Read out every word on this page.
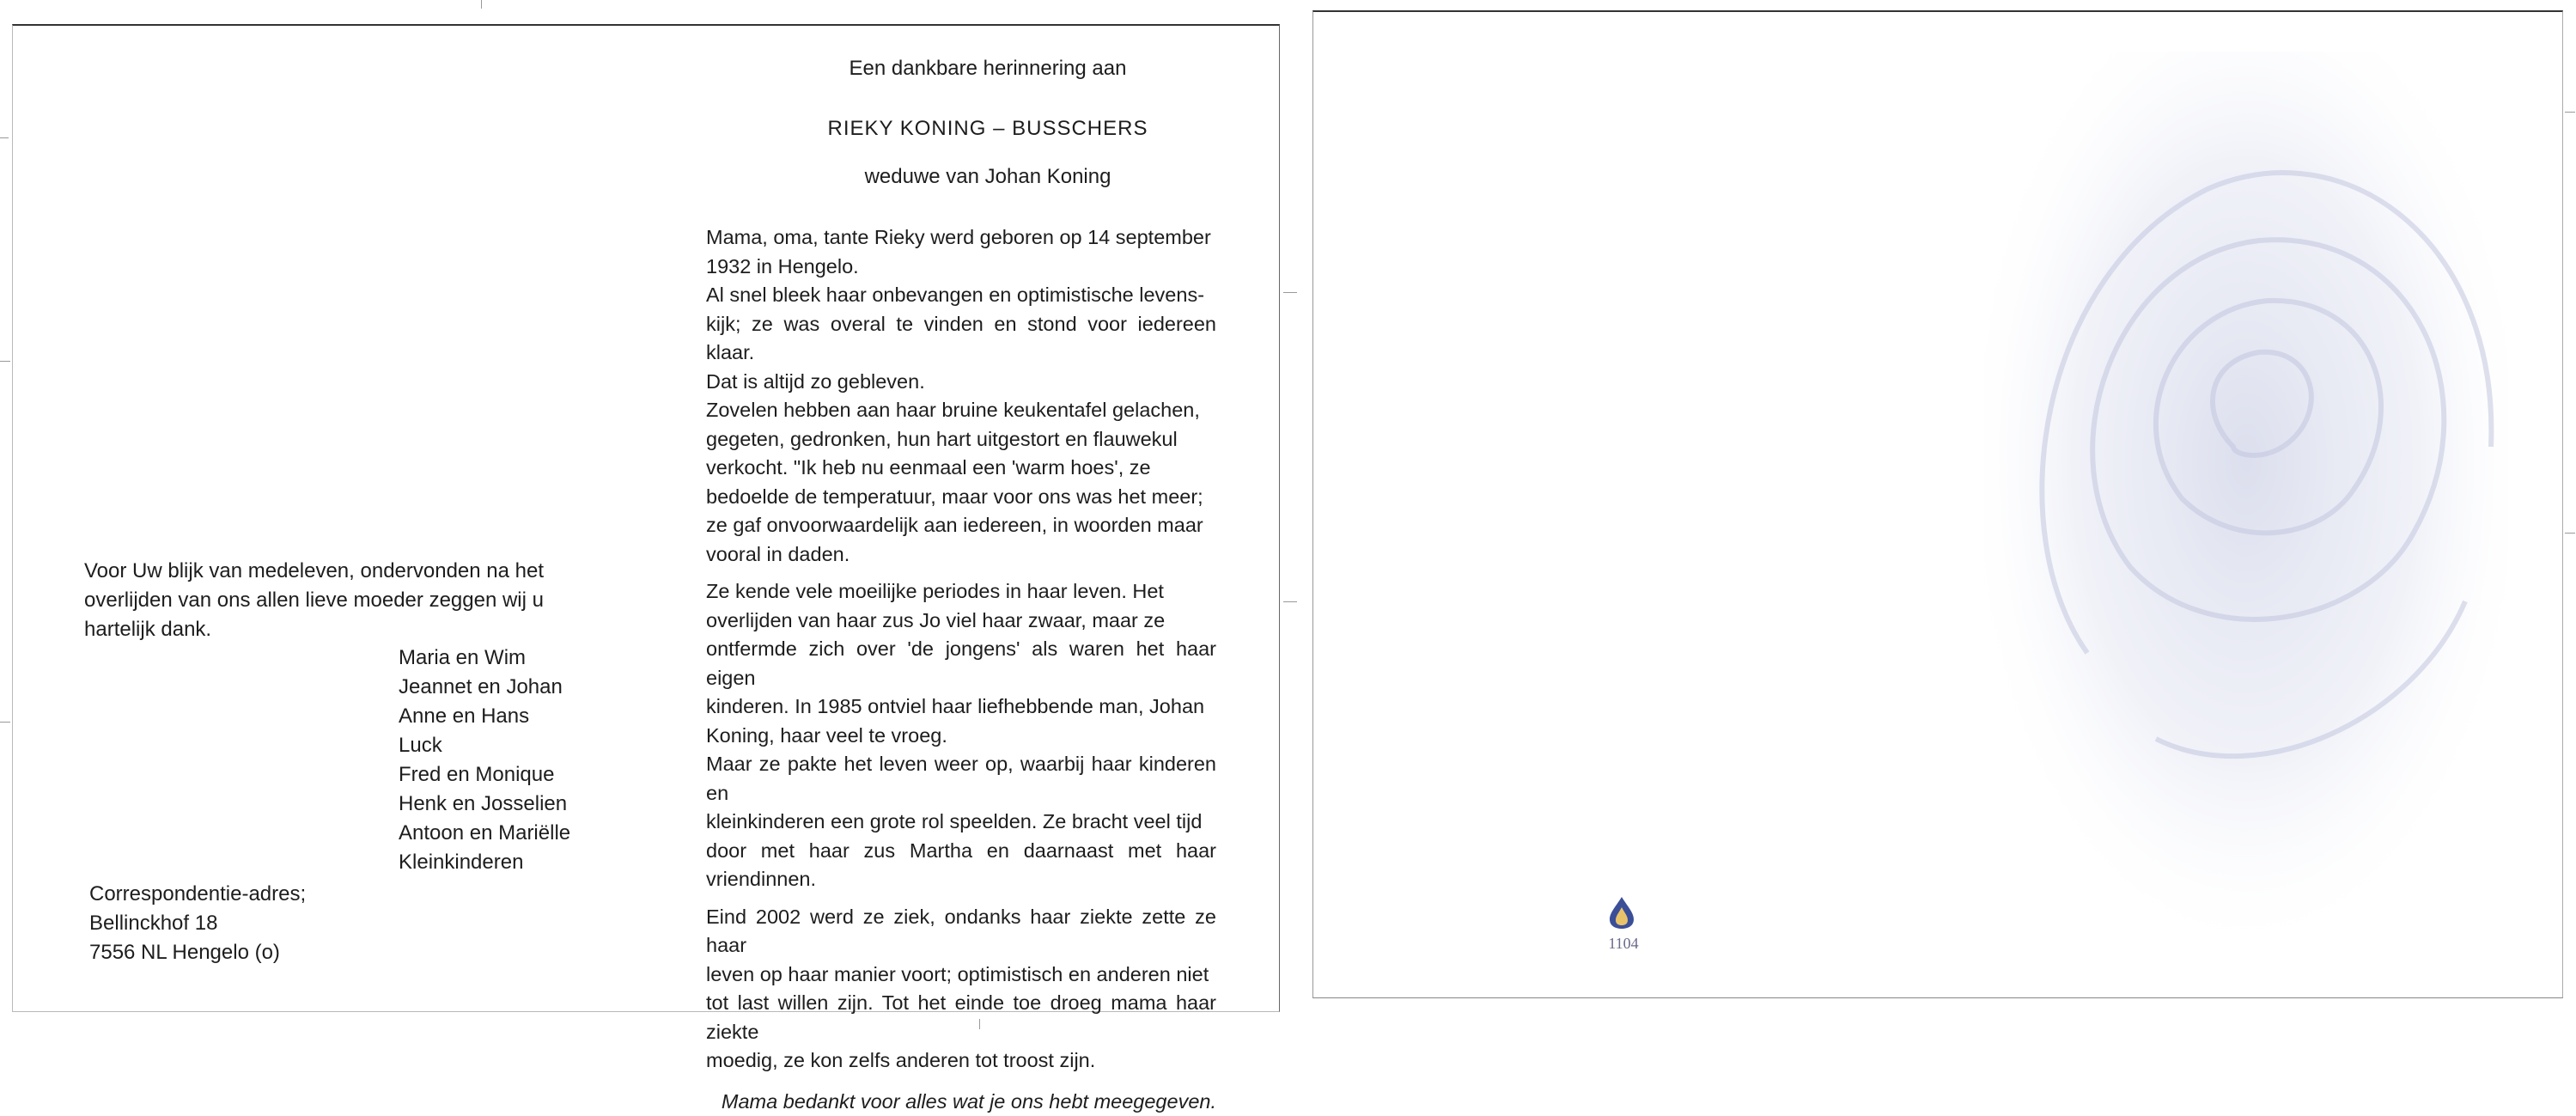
Een dankbare herinnering aan
RIEKY KONING – BUSSCHERS
weduwe van Johan Koning

Mama, oma, tante Rieky werd geboren op 14 september
1932 in Hengelo.

Al snel bleek haar onbevangen en optimistische levens-
kijk; ze was overal te vinden en stond voor iedereen klaar.
Dat is altijd zo gebleven.

Zovelen hebben aan haar bruine keukentafel gelachen,
gegeten, gedronken, hun hart uitgestort en flauwekul
verkocht. "Ik heb nu eenmaal een 'warm hoes', ze
bedoelde de temperatuur, maar voor ons was het meer;
ze gaf onvoorwaardelijk aan iedereen, in woorden maar
vooral in daden.

Ze kende vele moeilijke periodes in haar leven. Het
overlijden van haar zus Jo viel haar zwaar, maar ze
ontfermde zich over 'de jongens' als waren het haar eigen
kinderen. In 1985 ontviel haar liefhebbende man, Johan
Koning, haar veel te vroeg.

Maar ze pakte het leven weer op, waarbij haar kinderen en
kleinkinderen een grote rol speelden. Ze bracht veel tijd
door met haar zus Martha en daarnaast met haar vriendinnen.

Eind 2002 werd ze ziek, ondanks haar ziekte zette ze haar
leven op haar manier voort; optimistisch en anderen niet
tot last willen zijn. Tot het einde toe droeg mama haar ziekte
moedig, ze kon zelfs anderen tot troost zijn.

Mama bedankt voor alles wat je ons hebt meegegeven.
Voor Uw blijk van medeleven, ondervonden na het
overlijden van ons allen lieve moeder zeggen wij u
hartelijk dank.
Maria en Wim
Jeannet en Johan
Anne en Hans
Luck
Fred en Monique
Henk en Josselien
Antoon en Mariëlle
Kleinkinderen
Correspondentie-adres;
Bellinckhof 18
7556 NL Hengelo (o)	1104
